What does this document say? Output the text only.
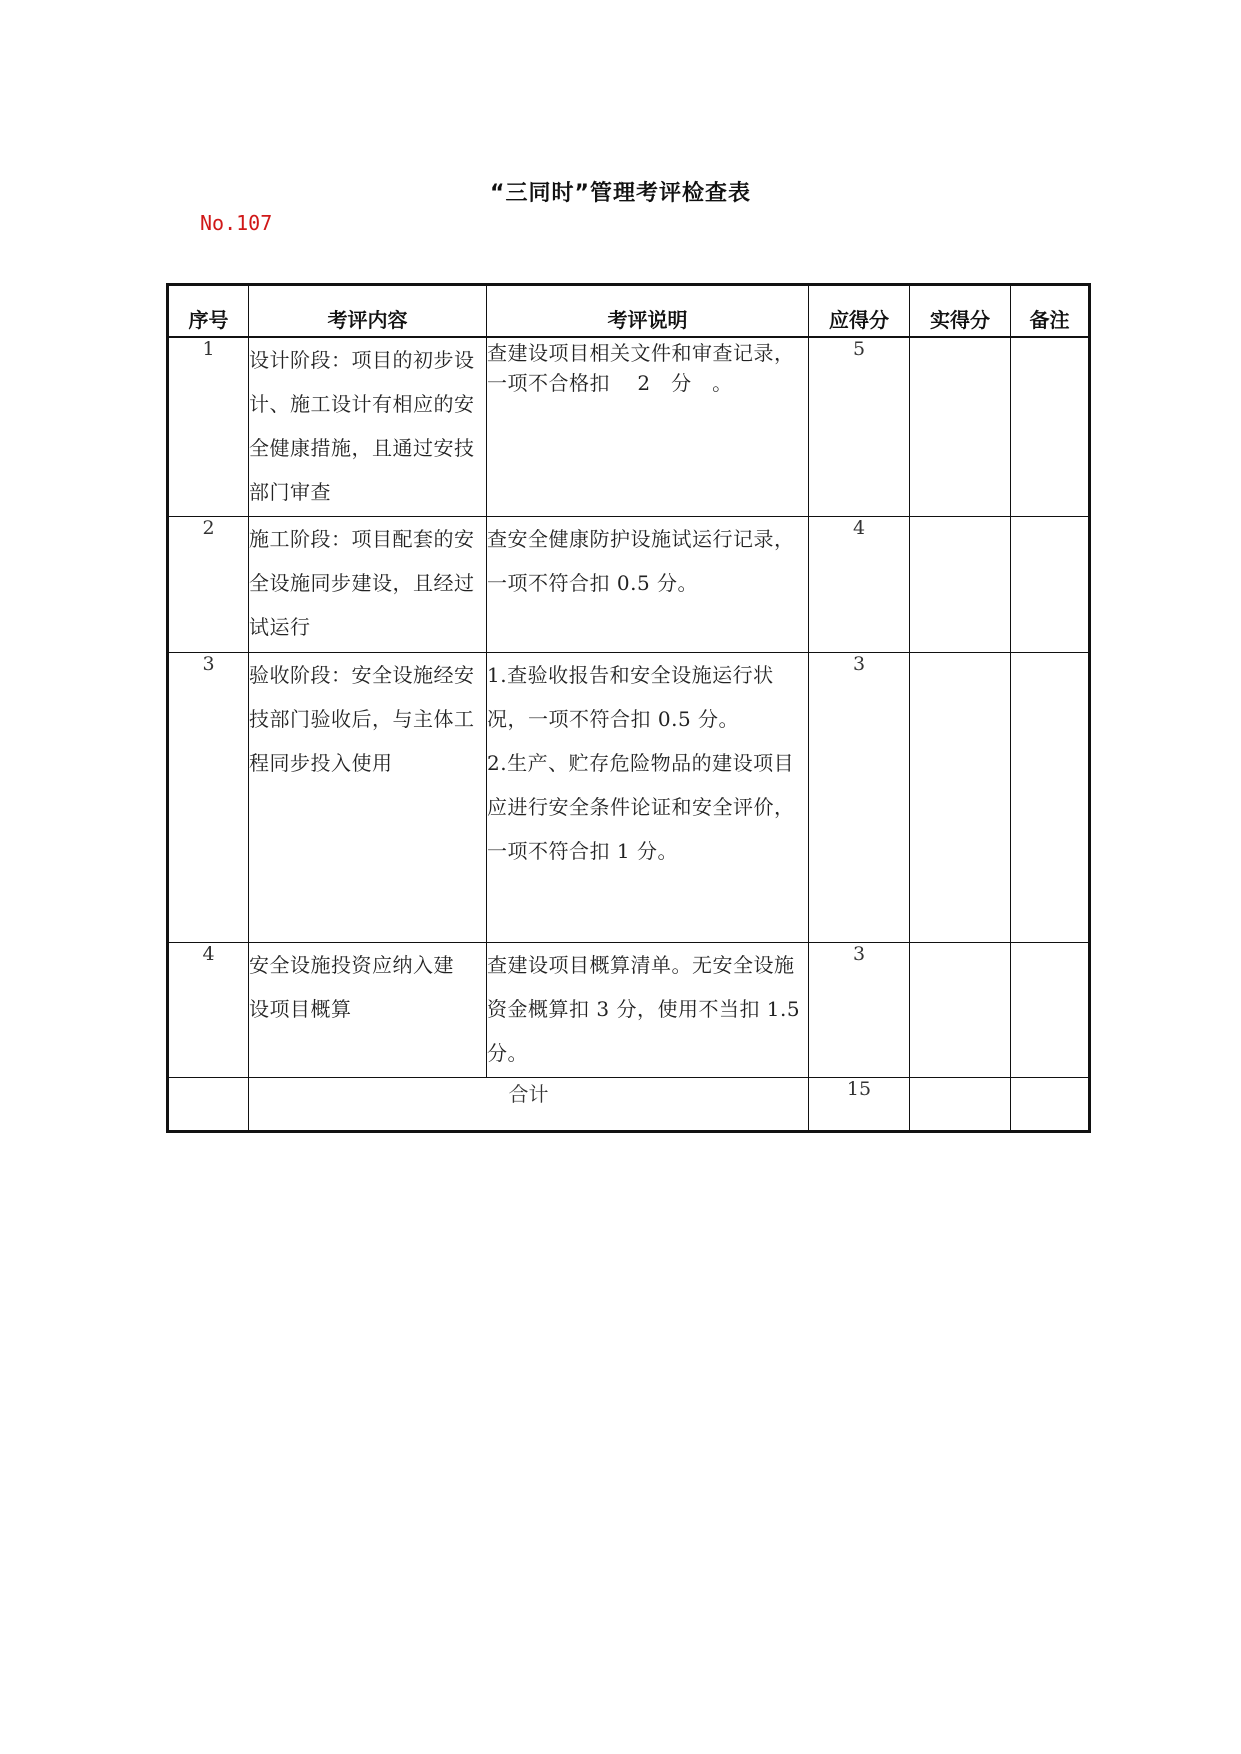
“三同时”管理考评检查表
No.107
序号	考评内容	考评说明	应得分	实得分	备注
1	设计阶段：项目的初步设
计、施工设计有相应的安
全健康措施，且通过安技
部门审查	查建设项目相关文件和审查记录，
一项不合格扣　 2　分　。	5		
2	施工阶段：项目配套的安
全设施同步建设，且经过
试运行	查安全健康防护设施试运行记录，
一项不符合扣 0.5 分。	4		
3	验收阶段：安全设施经安
技部门验收后，与主体工
程同步投入使用	1.查验收报告和安全设施运行状
况，一项不符合扣 0.5 分。
2.生产、贮存危险物品的建设项目
应进行安全条件论证和安全评价，
一项不符合扣 1 分。	3		
4	安全设施投资应纳入建
设项目概算	查建设项目概算清单。无安全设施
资金概算扣 3 分，使用不当扣 1.5
分。	3		
	合计		15		
